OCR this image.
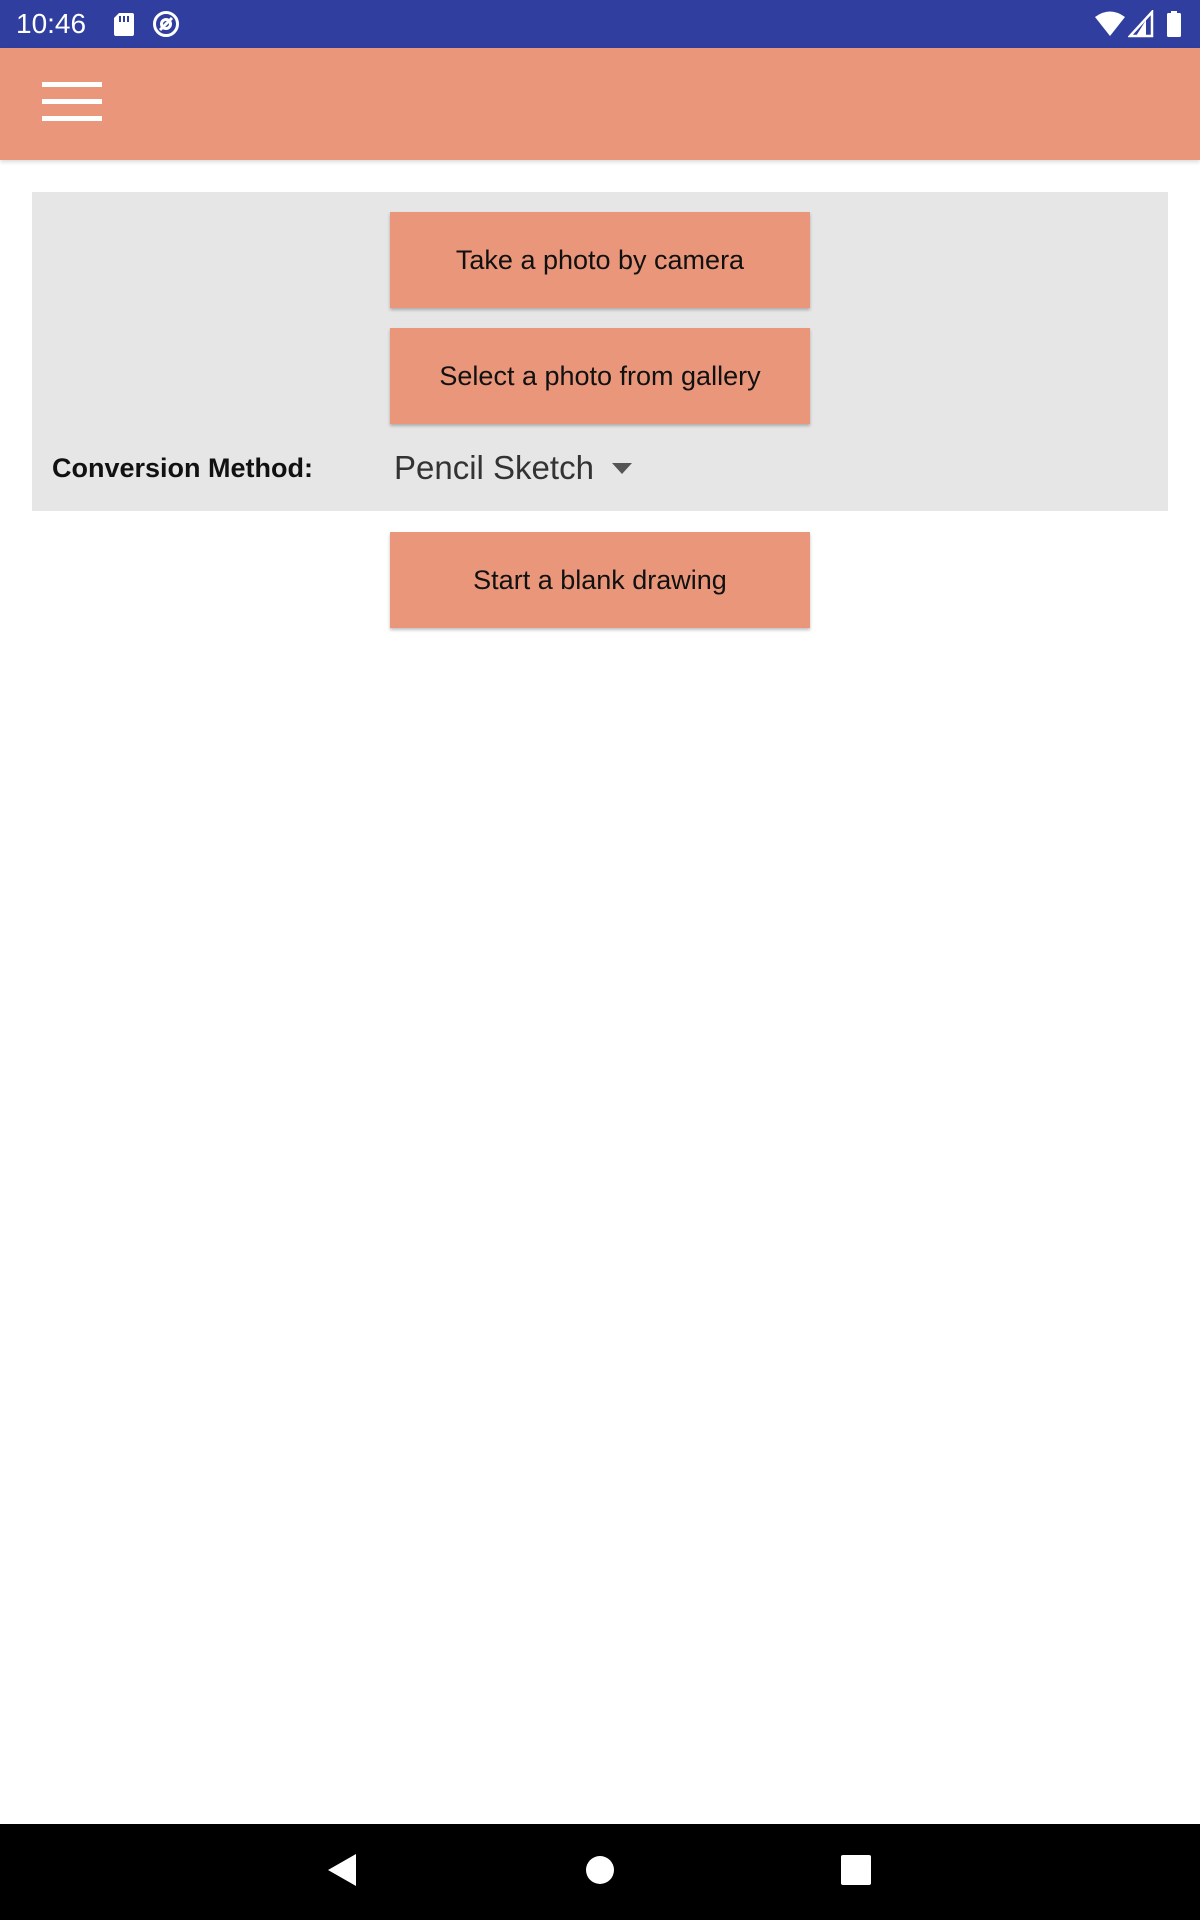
10:46
Take a photo by camera
Select a photo from gallery
Conversion Method: Pencil Sketch
Start a blank drawing
